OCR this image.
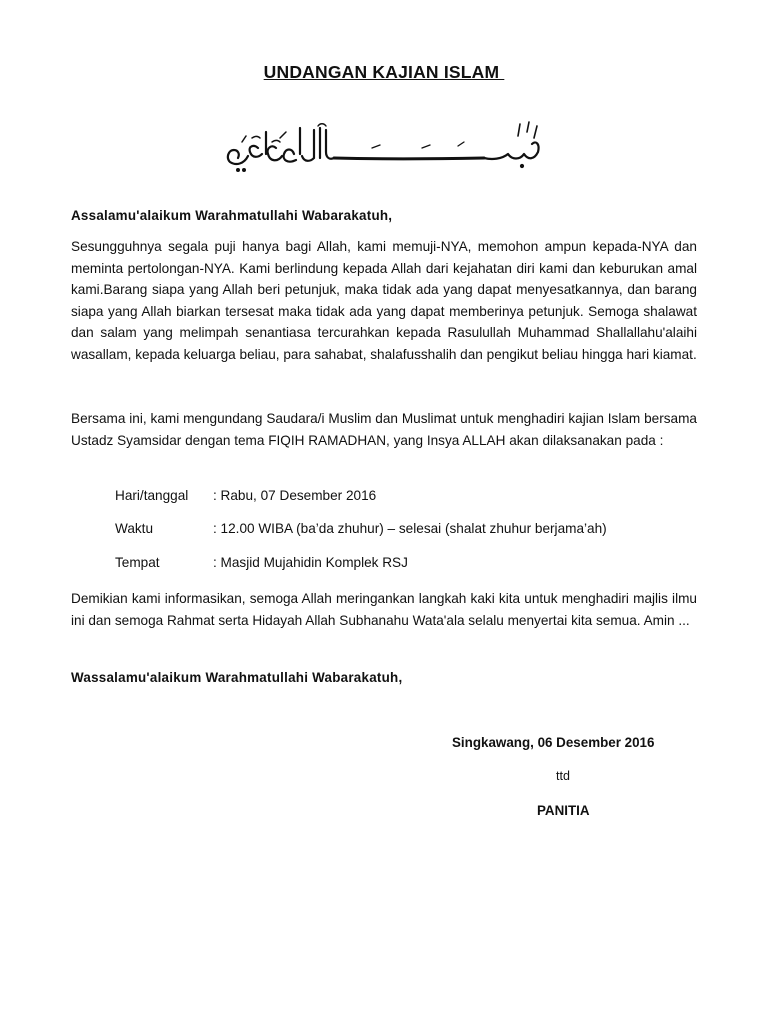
UNDANGAN KAJIAN ISLAM
Assalamu'alaikum Warahmatullahi Wabarakatuh,

Sesungguhnya segala puji hanya bagi Allah, kami memuji-NYA, memohon ampun kepada-NYA dan meminta pertolongan-NYA. Kami berlindung kepada Allah dari kejahatan diri kami dan keburukan amal kami.Barang siapa yang Allah beri petunjuk, maka tidak ada yang dapat menyesatkannya, dan barang siapa yang Allah biarkan tersesat maka tidak ada yang dapat memberinya petunjuk. Semoga shalawat dan salam yang melimpah senantiasa tercurahkan kepada Rasulullah Muhammad Shallallahu'alaihi wasallam, kepada keluarga beliau, para sahabat, shalafusshalih dan pengikut beliau hingga hari kiamat.

Bersama ini, kami mengundang Saudara/i Muslim dan Muslimat untuk menghadiri kajian Islam bersama Ustadz Syamsidar dengan tema FIQIH RAMADHAN, yang Insya ALLAH akan dilaksanakan pada :

Hari/tanggal : Rabu, 07 Desember 2016
Waktu	: 12.00 WIBA (ba’da zhuhur) – selesai (shalat zhuhur berjama’ah)
Tempat	: Masjid Mujahidin Komplek RSJ

Demikian kami informasikan, semoga Allah meringankan langkah kaki kita untuk menghadiri majlis ilmu ini dan semoga Rahmat serta Hidayah Allah Subhanahu Wata'ala selalu menyertai kita semua. Amin ...

Wassalamu'alaikum Warahmatullahi Wabarakatuh,
Singkawang, 06 Desember 2016
ttd
PANITIA
